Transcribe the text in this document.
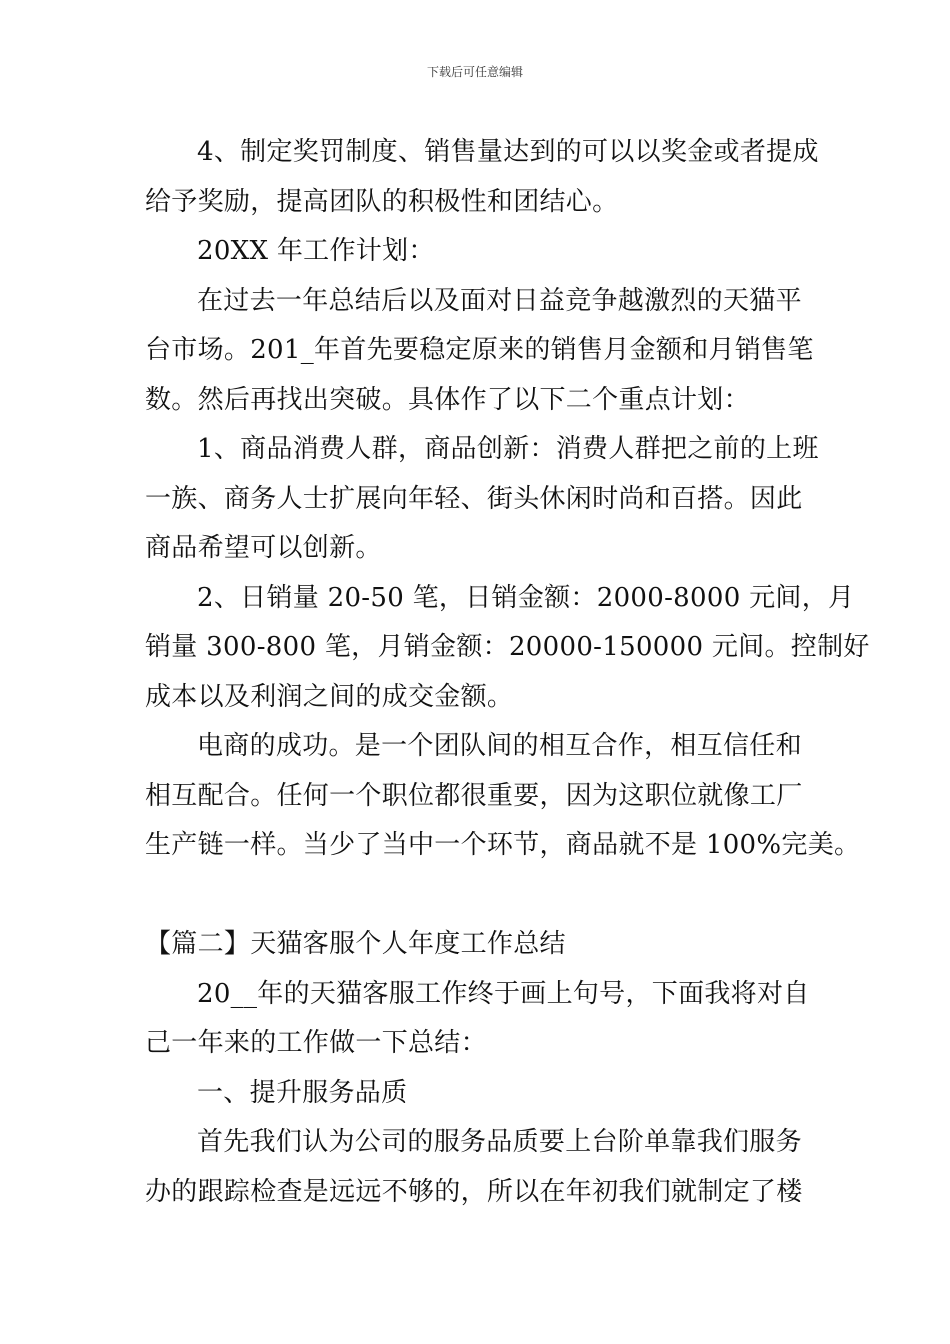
下载后可任意编辑
4、制定奖罚制度、销售量达到的可以以奖金或者提成
给予奖励，提高团队的积极性和团结心。
20XX 年工作计划：
在过去一年总结后以及面对日益竞争越激烈的天猫平
台市场。201_年首先要稳定原来的销售月金额和月销售笔
数。然后再找出突破。具体作了以下二个重点计划：
1、商品消费人群，商品创新：消费人群把之前的上班
一族、商务人士扩展向年轻、街头休闲时尚和百搭。因此
商品希望可以创新。
2、日销量 20-50 笔，日销金额：2000-8000 元间，月
销量 300-800 笔，月销金额：20000-150000 元间。控制好
成本以及利润之间的成交金额。
电商的成功。是一个团队间的相互合作，相互信任和
相互配合。任何一个职位都很重要，因为这职位就像工厂
生产链一样。当少了当中一个环节，商品就不是 100%完美。
【篇二】天猫客服个人年度工作总结
20__年的天猫客服工作终于画上句号，下面我将对自
己一年来的工作做一下总结：
一、提升服务品质
首先我们认为公司的服务品质要上台阶单靠我们服务
办的跟踪检查是远远不够的，所以在年初我们就制定了楼
